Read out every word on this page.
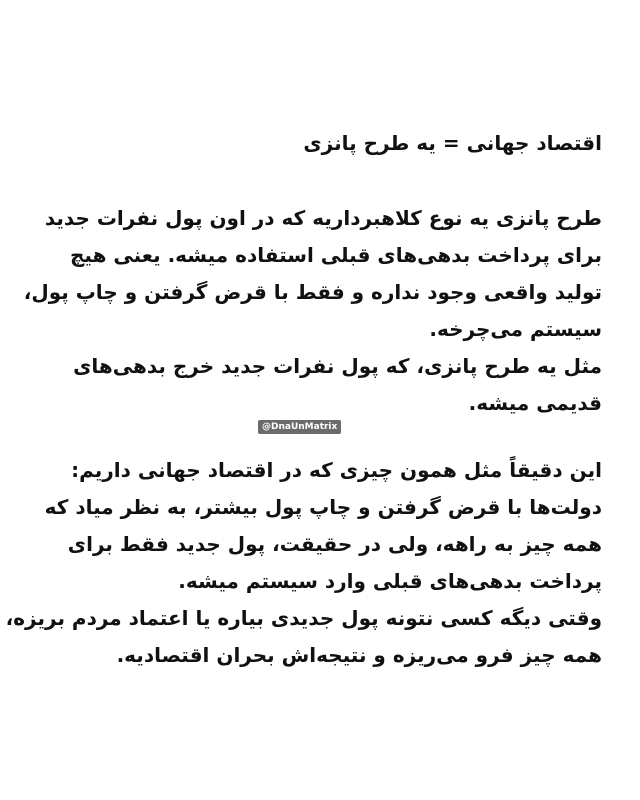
اقتصاد جهانی = یه طرح پانزی
طرح پانزی یه نوع کلاهبرداریه که در اون پول نفرات جدید
برای پرداخت بدهی‌های قبلی استفاده میشه. یعنی هیچ
تولید واقعی وجود نداره و فقط با قرض گرفتن و چاپ پول،
سیستم می‌چرخه.
مثل یه طرح پانزی، که پول نفرات جدید خرج بدهی‌های
قدیمی میشه.
@DnaUnMatrix
این دقیقاً مثل همون چیزی که در اقتصاد جهانی داریم:
دولت‌ها با قرض گرفتن و چاپ پول بیشتر، به نظر میاد که
همه چیز به راهه، ولی در حقیقت، پول جدید فقط برای
پرداخت بدهی‌های قبلی وارد سیستم میشه.
وقتی دیگه کسی نتونه پول جدیدی بیاره یا اعتماد مردم بریزه،
همه چیز فرو می‌ریزه و نتیجه‌اش بحران اقتصادیه.
